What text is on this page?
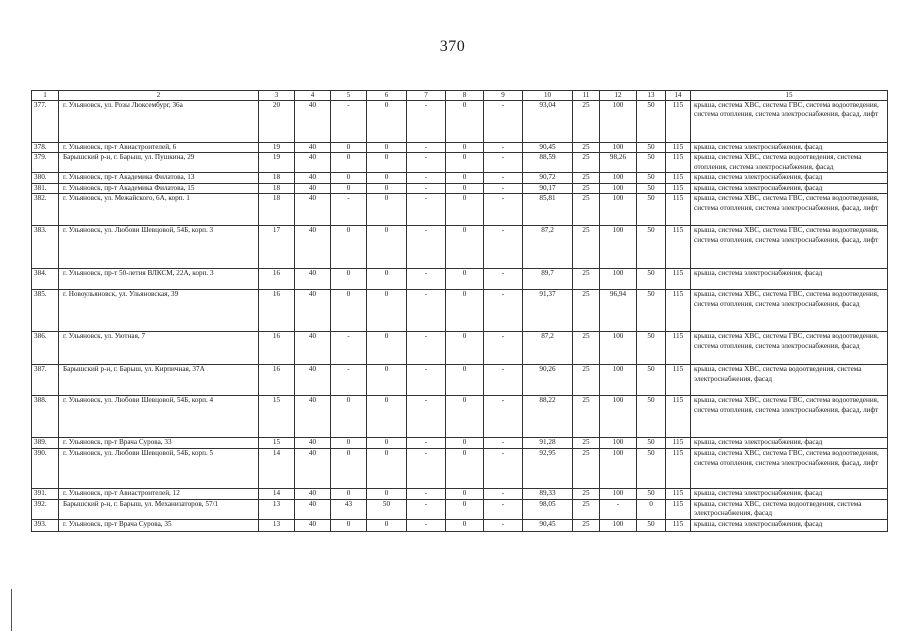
370
1	2	3	4	5	6	7	8	9	10	11	12	13	14	15
377.	г. Ульяновск, ул. Розы Люксембург, 36а	20	40	-	0	-	0	-	93,04	25	100	50	115	крыша, система ХВС, система ГВС, система водоотведения, система отопления, система электроснабжения, фасад, лифт
378.	г. Ульяновск, пр-т Авиастроителей, 6	19	40	0	0	-	0	-	90,45	25	100	50	115	крыша, система электроснабжения, фасад
379.	Барышский р-н, г. Барыш, ул. Пушкина, 29	19	40	0	0	-	0	-	88,59	25	98,26	50	115	крыша, система ХВС, система водоотведения, система отопления, система электроснабжения, фасад
380.	г. Ульяновск, пр-т Академика Филатова, 13	18	40	0	0	-	0	-	90,72	25	100	50	115	крыша, система электроснабжения, фасад
381.	г. Ульяновск, пр-т Академика Филатова, 15	18	40	0	0	-	0	-	90,17	25	100	50	115	крыша, система электроснабжения, фасад
382.	г. Ульяновск, ул. Межайского, 6А, корп. 1	18	40	-	0	-	0	-	85,81	25	100	50	115	крыша, система ХВС, система ГВС, система водоотведения, система отопления, система электроснабжения, фасад, лифт
383.	г. Ульяновск, ул. Любови Шевцовой, 54Б, корп. 3	17	40	0	0	-	0	-	87,2	25	100	50	115	крыша, система ХВС, система ГВС, система водоотведения, система отопления, система электроснабжения, фасад, лифт
384.	г. Ульяновск, пр-т 50-летия ВЛКСМ, 22А, корп. 3	16	40	0	0	-	0	-	89,7	25	100	50	115	крыша, система электроснабжения, фасад
385.	г. Новоульяновск, ул. Ульяновская, 39	16	40	0	0	-	0	-	91,37	25	96,94	50	115	крыша, система ХВС, система ГВС, система водоотведения, система отопления, система электроснабжения, фасад
386.	г. Ульяновск, ул. Уютная, 7	16	40	-	0	-	0	-	87,2	25	100	50	115	крыша, система ХВС, система ГВС, система водоотведения, система отопления, система электроснабжения, фасад
387.	Барышский р-н, г. Барыш, ул. Кирпичная, 37А	16	40	-	0	-	0	-	90,26	25	100	50	115	крыша, система ХВС, система водоотведения, система электроснабжения, фасад
388.	г. Ульяновск, ул. Любови Шевцовой, 54Б, корп. 4	15	40	0	0	-	0	-	88,22	25	100	50	115	крыша, система ХВС, система ГВС, система водоотведения, система отопления, система электроснабжения, фасад, лифт
389.	г. Ульяновск, пр-т Врача Сурова, 33	15	40	0	0	-	0	-	91,28	25	100	50	115	крыша, система электроснабжения, фасад
390.	г. Ульяновск, ул. Любови Шевцовой, 54Б, корп. 5	14	40	0	0	-	0	-	92,95	25	100	50	115	крыша, система ХВС, система ГВС, система водоотведения, система отопления, система электроснабжения, фасад, лифт
391.	г. Ульяновск, пр-т Авиастроителей, 12	14	40	0	0	-	0	-	89,33	25	100	50	115	крыша, система электроснабжения, фасад
392.	Барышский р-н, г. Барыш, ул. Механизаторов, 57/1	13	40	43	50	-	0	-	98,05	25	-	0	115	крыша, система ХВС, система водоотведения, система электроснабжения, фасад
393.	г. Ульяновск, пр-т Врача Сурова, 35	13	40	0	0	-	0	-	90,45	25	100	50	115	крыша, система электроснабжения, фасад
